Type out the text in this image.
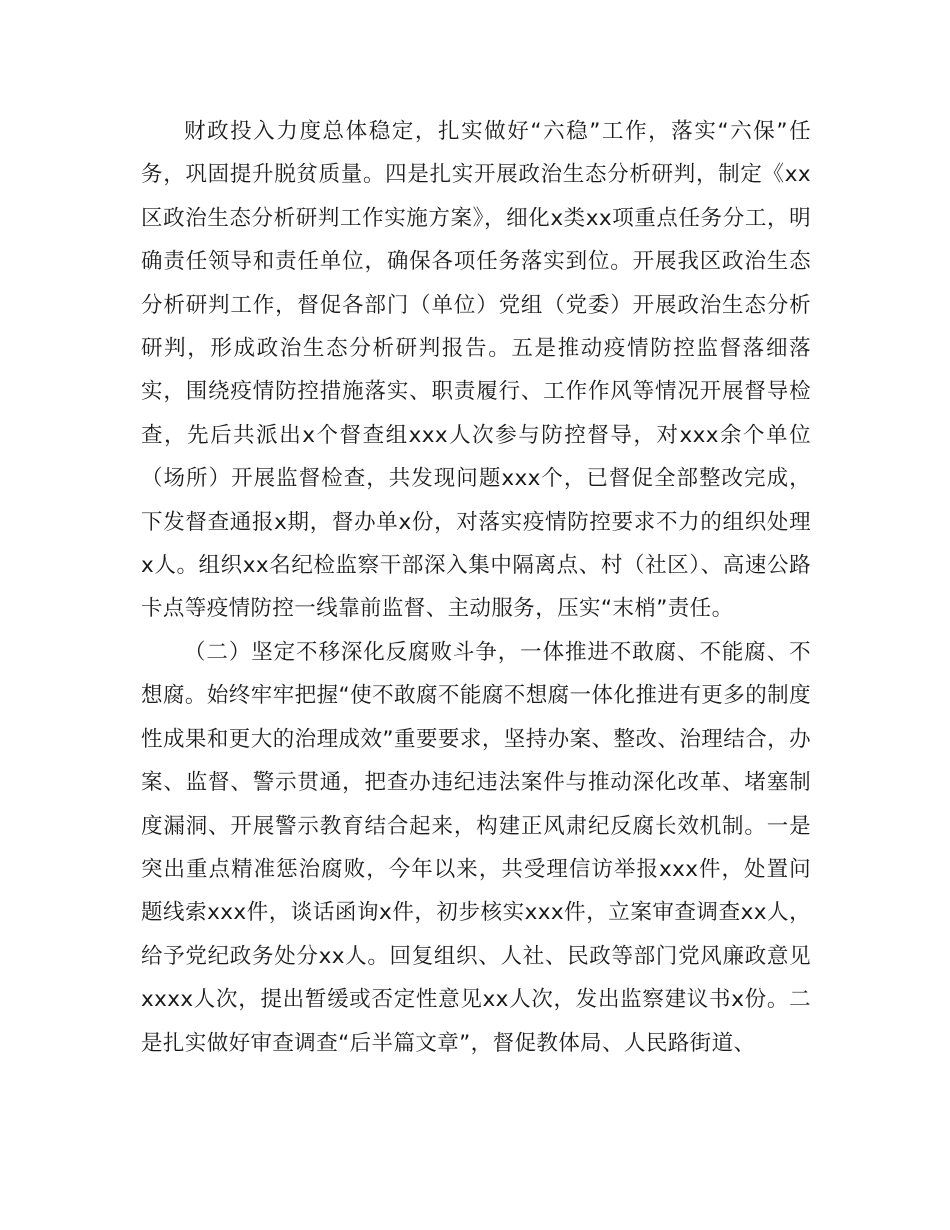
财政投入力度总体稳定，扎实做好“六稳”工作，落实“六保”任务，巩固提升脱贫质量。四是扎实开展政治生态分析研判，制定《xx区政治生态分析研判工作实施方案》，细化x类xx项重点任务分工，明确责任领导和责任单位，确保各项任务落实到位。开展我区政治生态分析研判工作，督促各部门（单位）党组（党委）开展政治生态分析研判，形成政治生态分析研判报告。五是推动疫情防控监督落细落实，围绕疫情防控措施落实、职责履行、工作作风等情况开展督导检查，先后共派出x个督查组xxx人次参与防控督导，对xxx余个单位（场所）开展监督检查，共发现问题xxx个，已督促全部整改完成，下发督查通报x期，督办单x份，对落实疫情防控要求不力的组织处理x人。组织xx名纪检监察干部深入集中隔离点、村（社区）、高速公路卡点等疫情防控一线靠前监督、主动服务，压实“末梢”责任。

（二）坚定不移深化反腐败斗争，一体推进不敢腐、不能腐、不想腐。始终牢牢把握“使不敢腐不能腐不想腐一体化推进有更多的制度性成果和更大的治理成效”重要要求，坚持办案、整改、治理结合，办案、监督、警示贯通，把查办违纪违法案件与推动深化改革、堵塞制度漏洞、开展警示教育结合起来，构建正风肃纪反腐长效机制。一是突出重点精准惩治腐败，今年以来，共受理信访举报xxx件，处置问题线索xxx件，谈话函询x件，初步核实xxx件，立案审查调查xx人，给予党纪政务处分xx人。回复组织、人社、民政等部门党风廉政意见xxxx人次，提出暂缓或否定性意见xx人次，发出监察建议书x份。二是扎实做好审查调查“后半篇文章”，督促教体局、人民路街道、
